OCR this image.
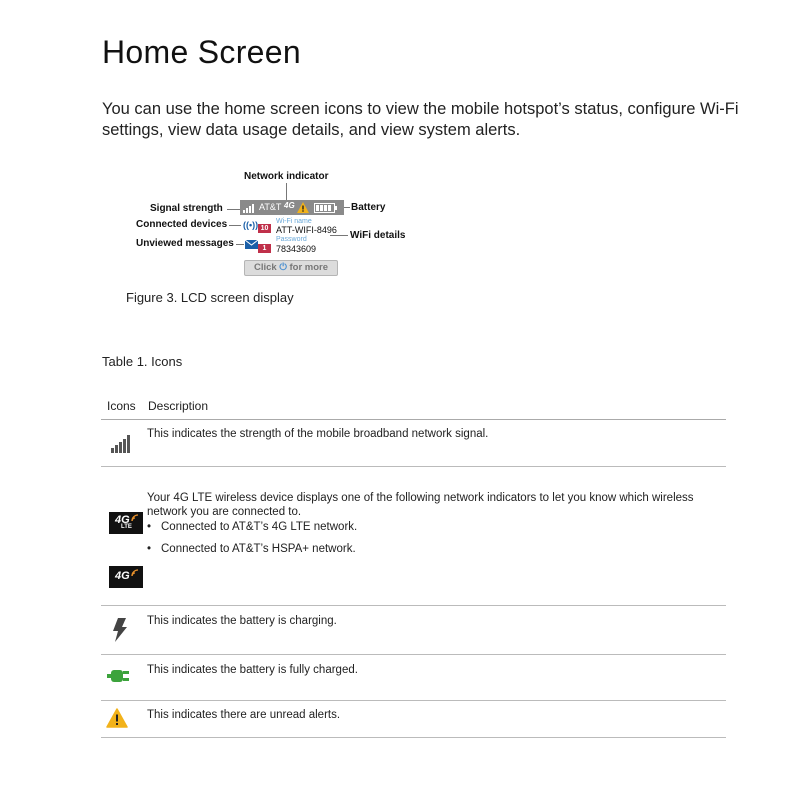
Home Screen
You can use the home screen icons to view the mobile hotspot’s status, configure Wi-Fi settings, view data usage details, and view system alerts.
Network indicator
Signal strength	AT&T 4G	Battery
Connected devices ((•)) 10
Wi-Fi name
ATT-WIFI-8496
Password
78343609
WiFi details
Unviewed messages	1
Click ⏻ for more
Figure 3. LCD screen display
Table 1. Icons
Icons Description
This indicates the strength of the mobile broadband network signal.
4G
LTE
4G
Your 4G LTE wireless device displays one of the following network indicators to let you know which wireless network you are connected to.
• Connected to AT&T’s 4G LTE network.
• Connected to AT&T’s HSPA+ network.
This indicates the battery is charging.
This indicates the battery is fully charged.
This indicates there are unread alerts.
